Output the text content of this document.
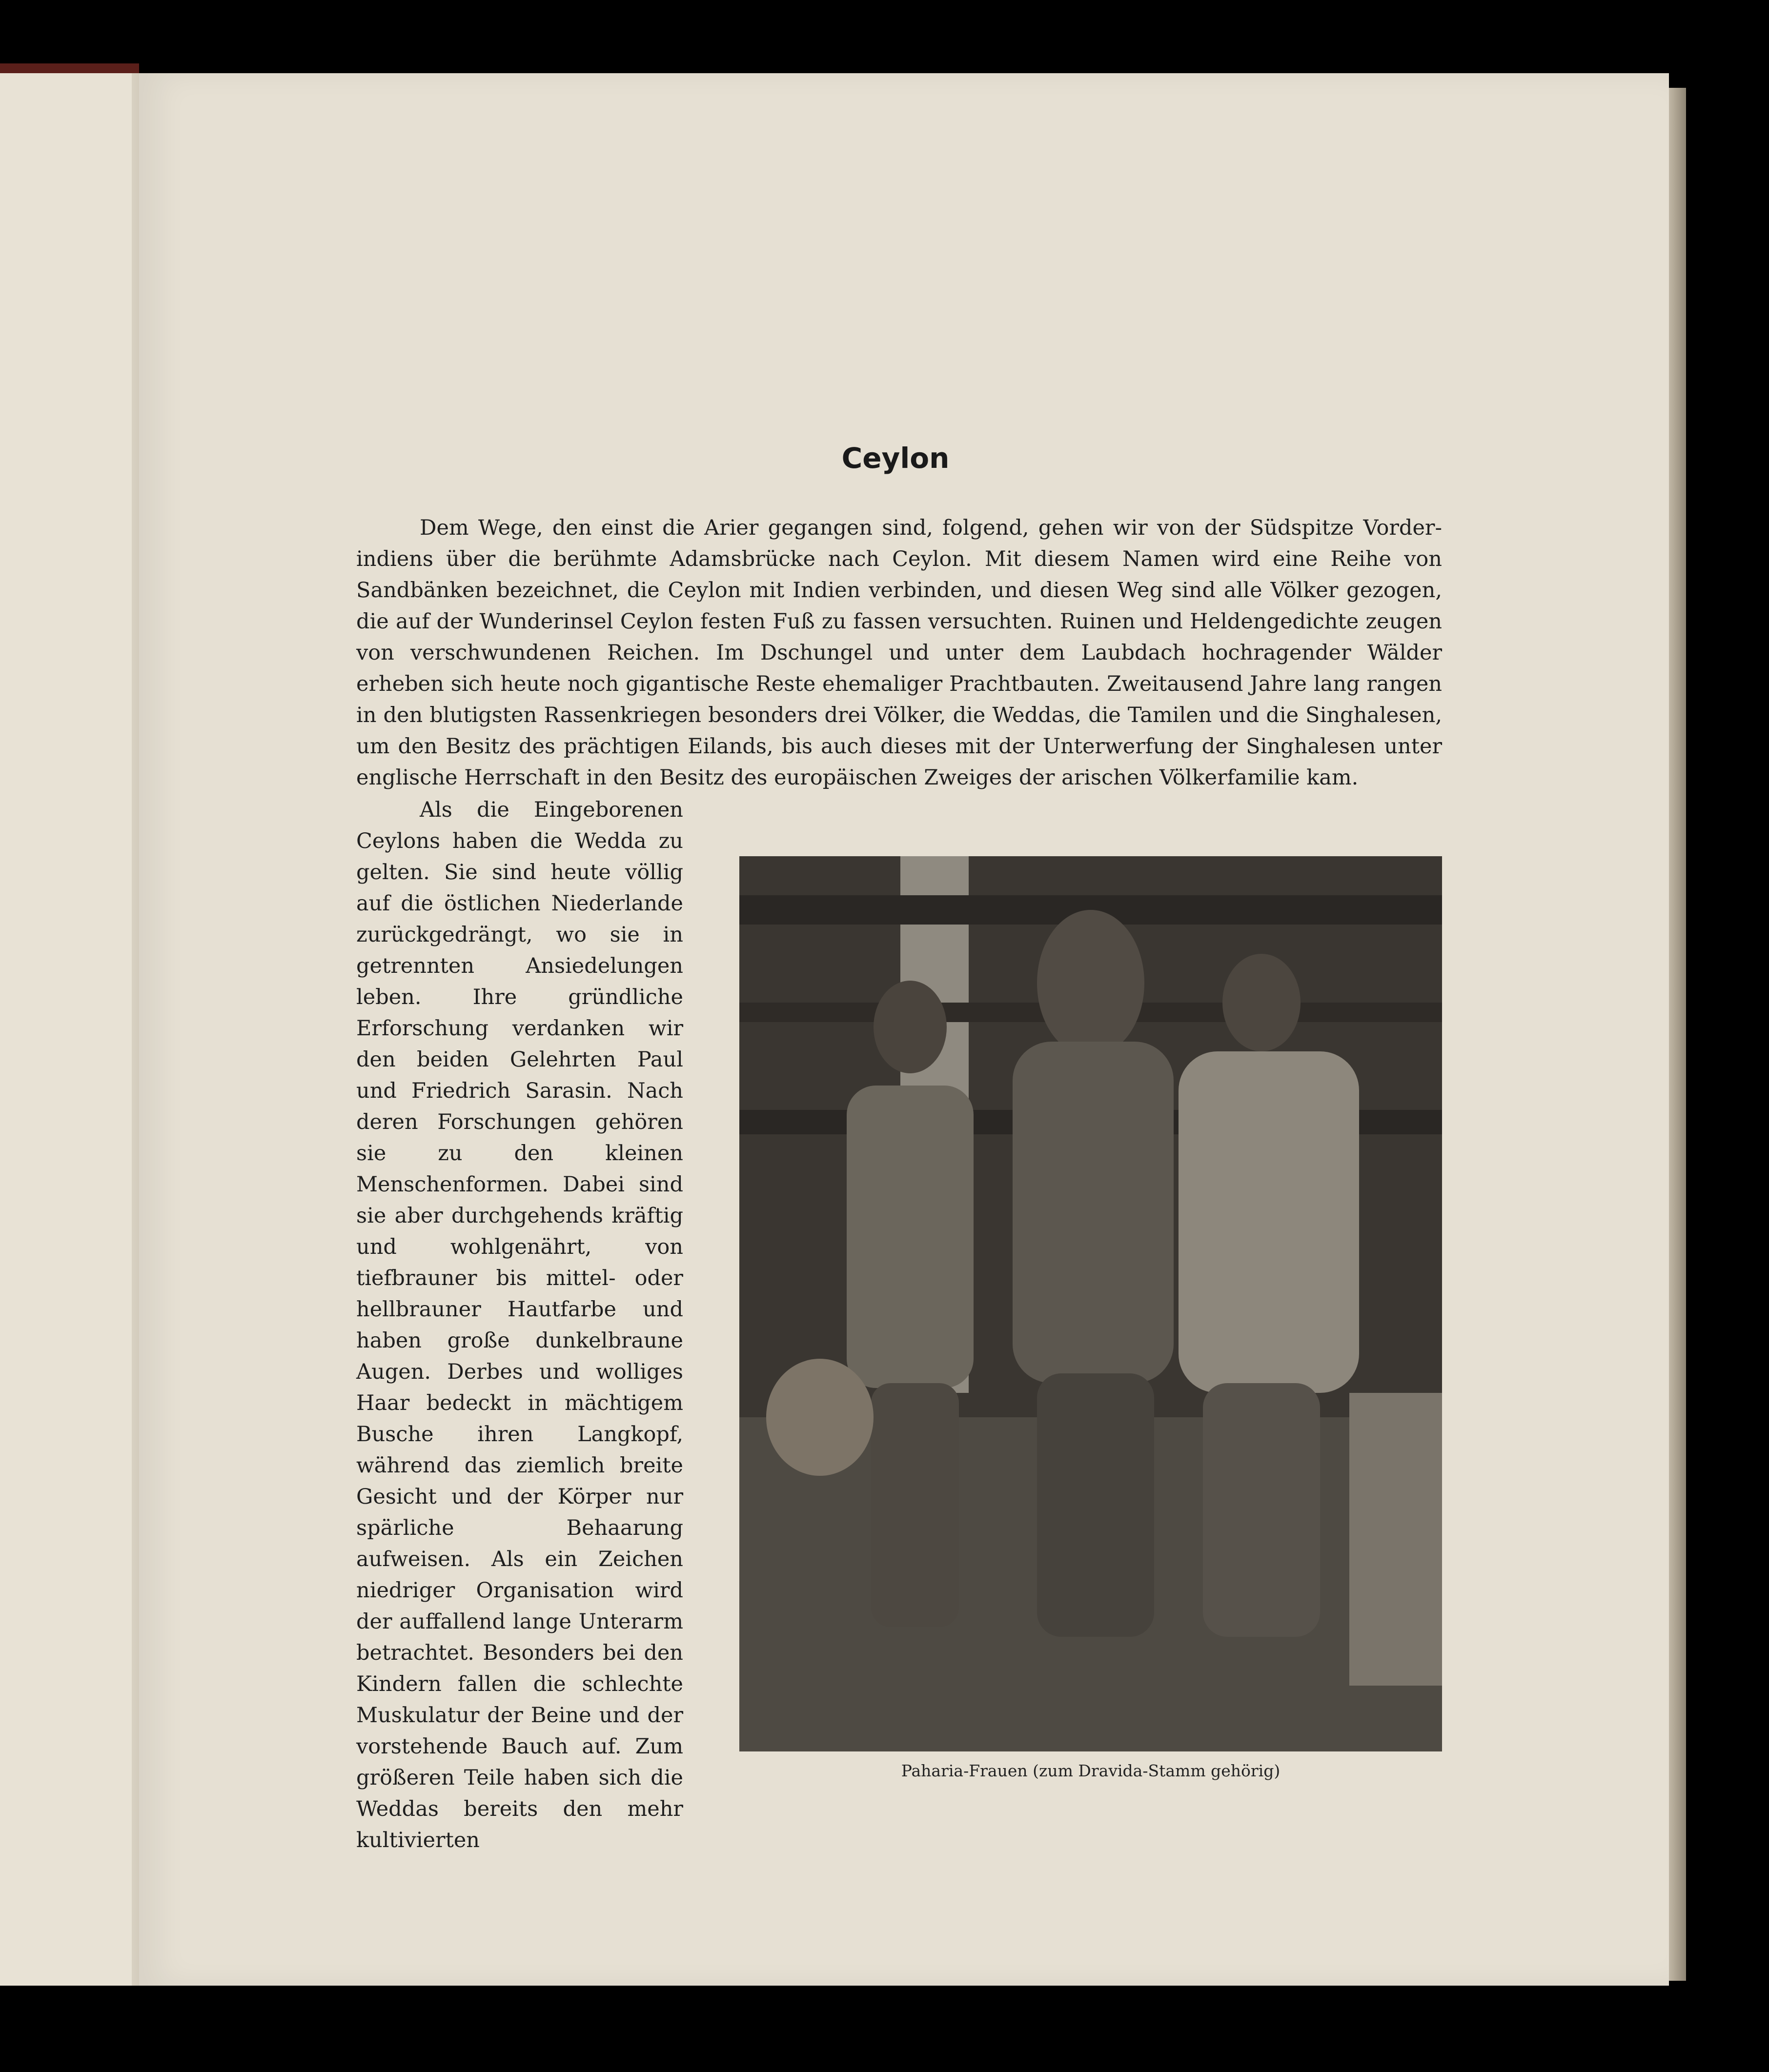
Ceylon

Dem Wege, den einst die Arier gegangen sind, folgend, gehen wir von der Südspitze Vorder-indiens über die berühmte Adamsbrücke nach Ceylon. Mit diesem Namen wird eine Reihe von Sandbänken bezeichnet, die Ceylon mit Indien verbinden, und diesen Weg sind alle Völker gezogen, die auf der Wunderinsel Ceylon festen Fuß zu fassen versuchten. Ruinen und Heldengedichte zeugen von verschwundenen Reichen. Im Dschungel und unter dem Laubdach hochragender Wälder erheben sich heute noch gigantische Reste ehemaliger Prachtbauten. Zweitausend Jahre lang rangen in den blutigsten Rassenkriegen besonders drei Völker, die Weddas, die Tamilen und die Singhalesen, um den Besitz des prächtigen Eilands, bis auch dieses mit der Unterwerfung der Singhalesen unter englische Herrschaft in den Besitz des europäischen Zweiges der arischen Völkerfamilie kam.

Als die Eingeborenen Ceylons haben die Wedda zu gelten. Sie sind heute völlig auf die östlichen Niederlande zurückgedrängt, wo sie in getrennten Ansiedelungen leben. Ihre gründliche Erforschung verdanken wir den beiden Gelehrten Paul und Friedrich Sarasin. Nach deren Forschungen gehören sie zu den kleinen Menschenformen. Dabei sind sie aber durchgehends kräftig und wohlgenährt, von tiefbrauner bis mittel- oder hellbrauner Hautfarbe und haben große dunkelbraune Augen. Derbes und wolliges Haar bedeckt in mächtigem Busche ihren Langkopf, während das ziemlich breite Gesicht und der Körper nur spärliche Behaarung aufweisen. Als ein Zeichen niedriger Organisation wird der auffallend lange Unterarm betrachtet. Besonders bei den Kindern fallen die schlechte Muskulatur der Beine und der vorstehende Bauch auf. Zum größeren Teile haben sich die Weddas bereits den mehr kultivierten

Paharia-Frauen (zum Dravida-Stamm gehörig)
